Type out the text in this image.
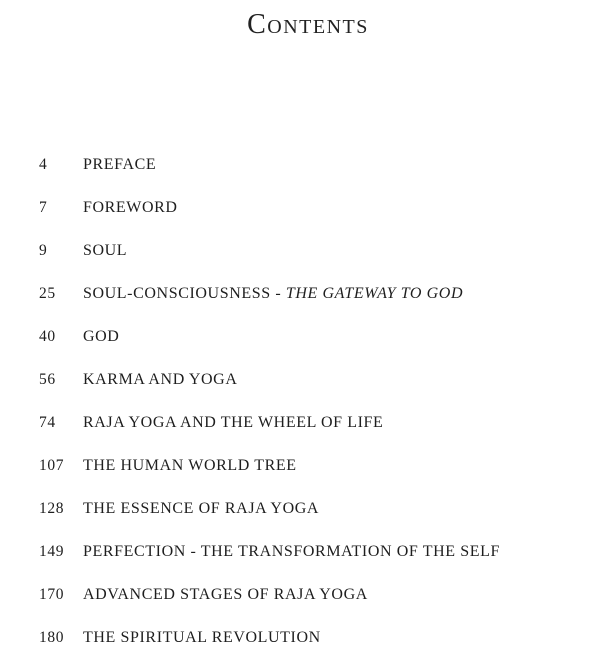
Contents
4	PREFACE
7	FOREWORD
9	SOUL
25	SOUL-CONSCIOUSNESS - THE GATEWAY TO GOD
40	GOD
56	KARMA AND YOGA
74	RAJA YOGA AND THE WHEEL OF LIFE
107	THE HUMAN WORLD TREE
128	THE ESSENCE OF RAJA YOGA
149	PERFECTION - THE TRANSFORMATION OF THE SELF
170	ADVANCED STAGES OF RAJA YOGA
180	THE SPIRITUAL REVOLUTION
